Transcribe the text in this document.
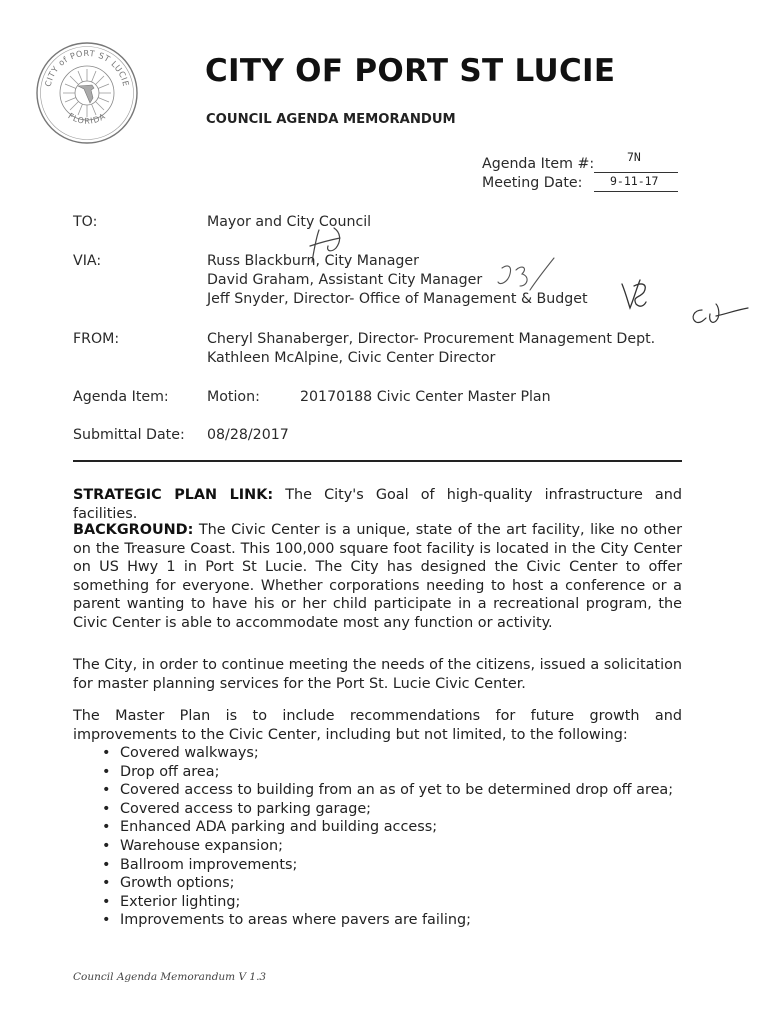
CITY of PORT ST LUCIE
FLORIDA
CITY OF PORT ST LUCIE
COUNCIL AGENDA MEMORANDUM
Agenda Item #:	7N
Meeting Date: 9-11-17
TO:	Mayor and City Council
VIA:	Russ Blackburn, City Manager
David Graham, Assistant City Manager
Jeff Snyder, Director- Office of Management & Budget
FROM:	Cheryl Shanaberger, Director- Procurement Management Dept.
Kathleen McAlpine, Civic Center Director
Agenda Item:	Motion:	20170188 Civic Center Master Plan
Submittal Date: 08/28/2017
STRATEGIC PLAN LINK: The City's Goal of high-quality infrastructure and facilities.
BACKGROUND: The Civic Center is a unique, state of the art facility, like no other on the Treasure Coast. This 100,000 square foot facility is located in the City Center on US Hwy 1 in Port St Lucie. The City has designed the Civic Center to offer something for everyone. Whether corporations needing to host a conference or a parent wanting to have his or her child participate in a recreational program, the Civic Center is able to accommodate most any function or activity.
The City, in order to continue meeting the needs of the citizens, issued a solicitation for master planning services for the Port St. Lucie Civic Center.
The Master Plan is to include recommendations for future growth and improvements to the Civic Center, including but not limited, to the following:
• Covered walkways;
• Drop off area;
• Covered access to building from an as of yet to be determined drop off area;
• Covered access to parking garage;
• Enhanced ADA parking and building access;
• Warehouse expansion;
• Ballroom improvements;
• Growth options;
• Exterior lighting;
• Improvements to areas where pavers are failing;
Council Agenda Memorandum V 1.3
